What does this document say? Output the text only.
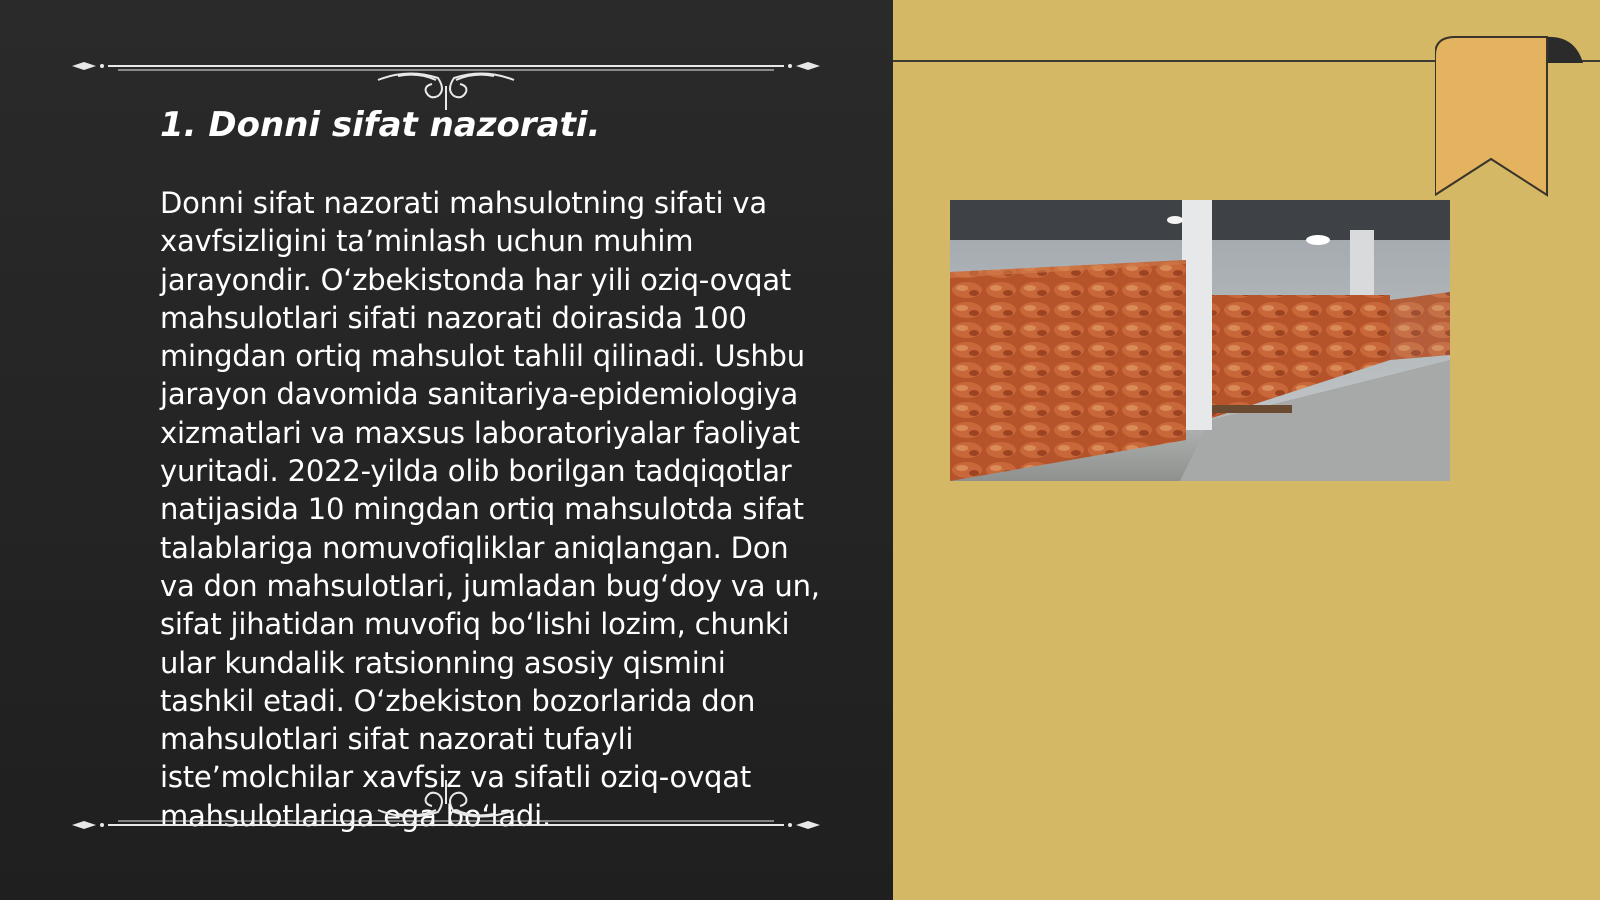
1. Donni sifat nazorati.

Donni sifat nazorati mahsulotning sifati va xavfsizligini ta’minlash uchun muhim jarayondir. O‘zbekistonda har yili oziq-ovqat mahsulotlari sifati nazorati doirasida 100 mingdan ortiq mahsulot tahlil qilinadi. Ushbu jarayon davomida sanitariya-epidemiologiya xizmatlari va maxsus laboratoriyalar faoliyat yuritadi. 2022-yilda olib borilgan tadqiqotlar natijasida 10 mingdan ortiq mahsulotda sifat talablariga nomuvofiqliklar aniqlangan. Don va don mahsulotlari, jumladan bug‘doy va un, sifat jihatidan muvofiq bo‘lishi lozim, chunki ular kundalik ratsionning asosiy qismini tashkil etadi. O‘zbekiston bozorlarida don mahsulotlari sifat nazorati tufayli iste’molchilar xavfsiz va sifatli oziq-ovqat mahsulotlariga ega bo‘ladi.
